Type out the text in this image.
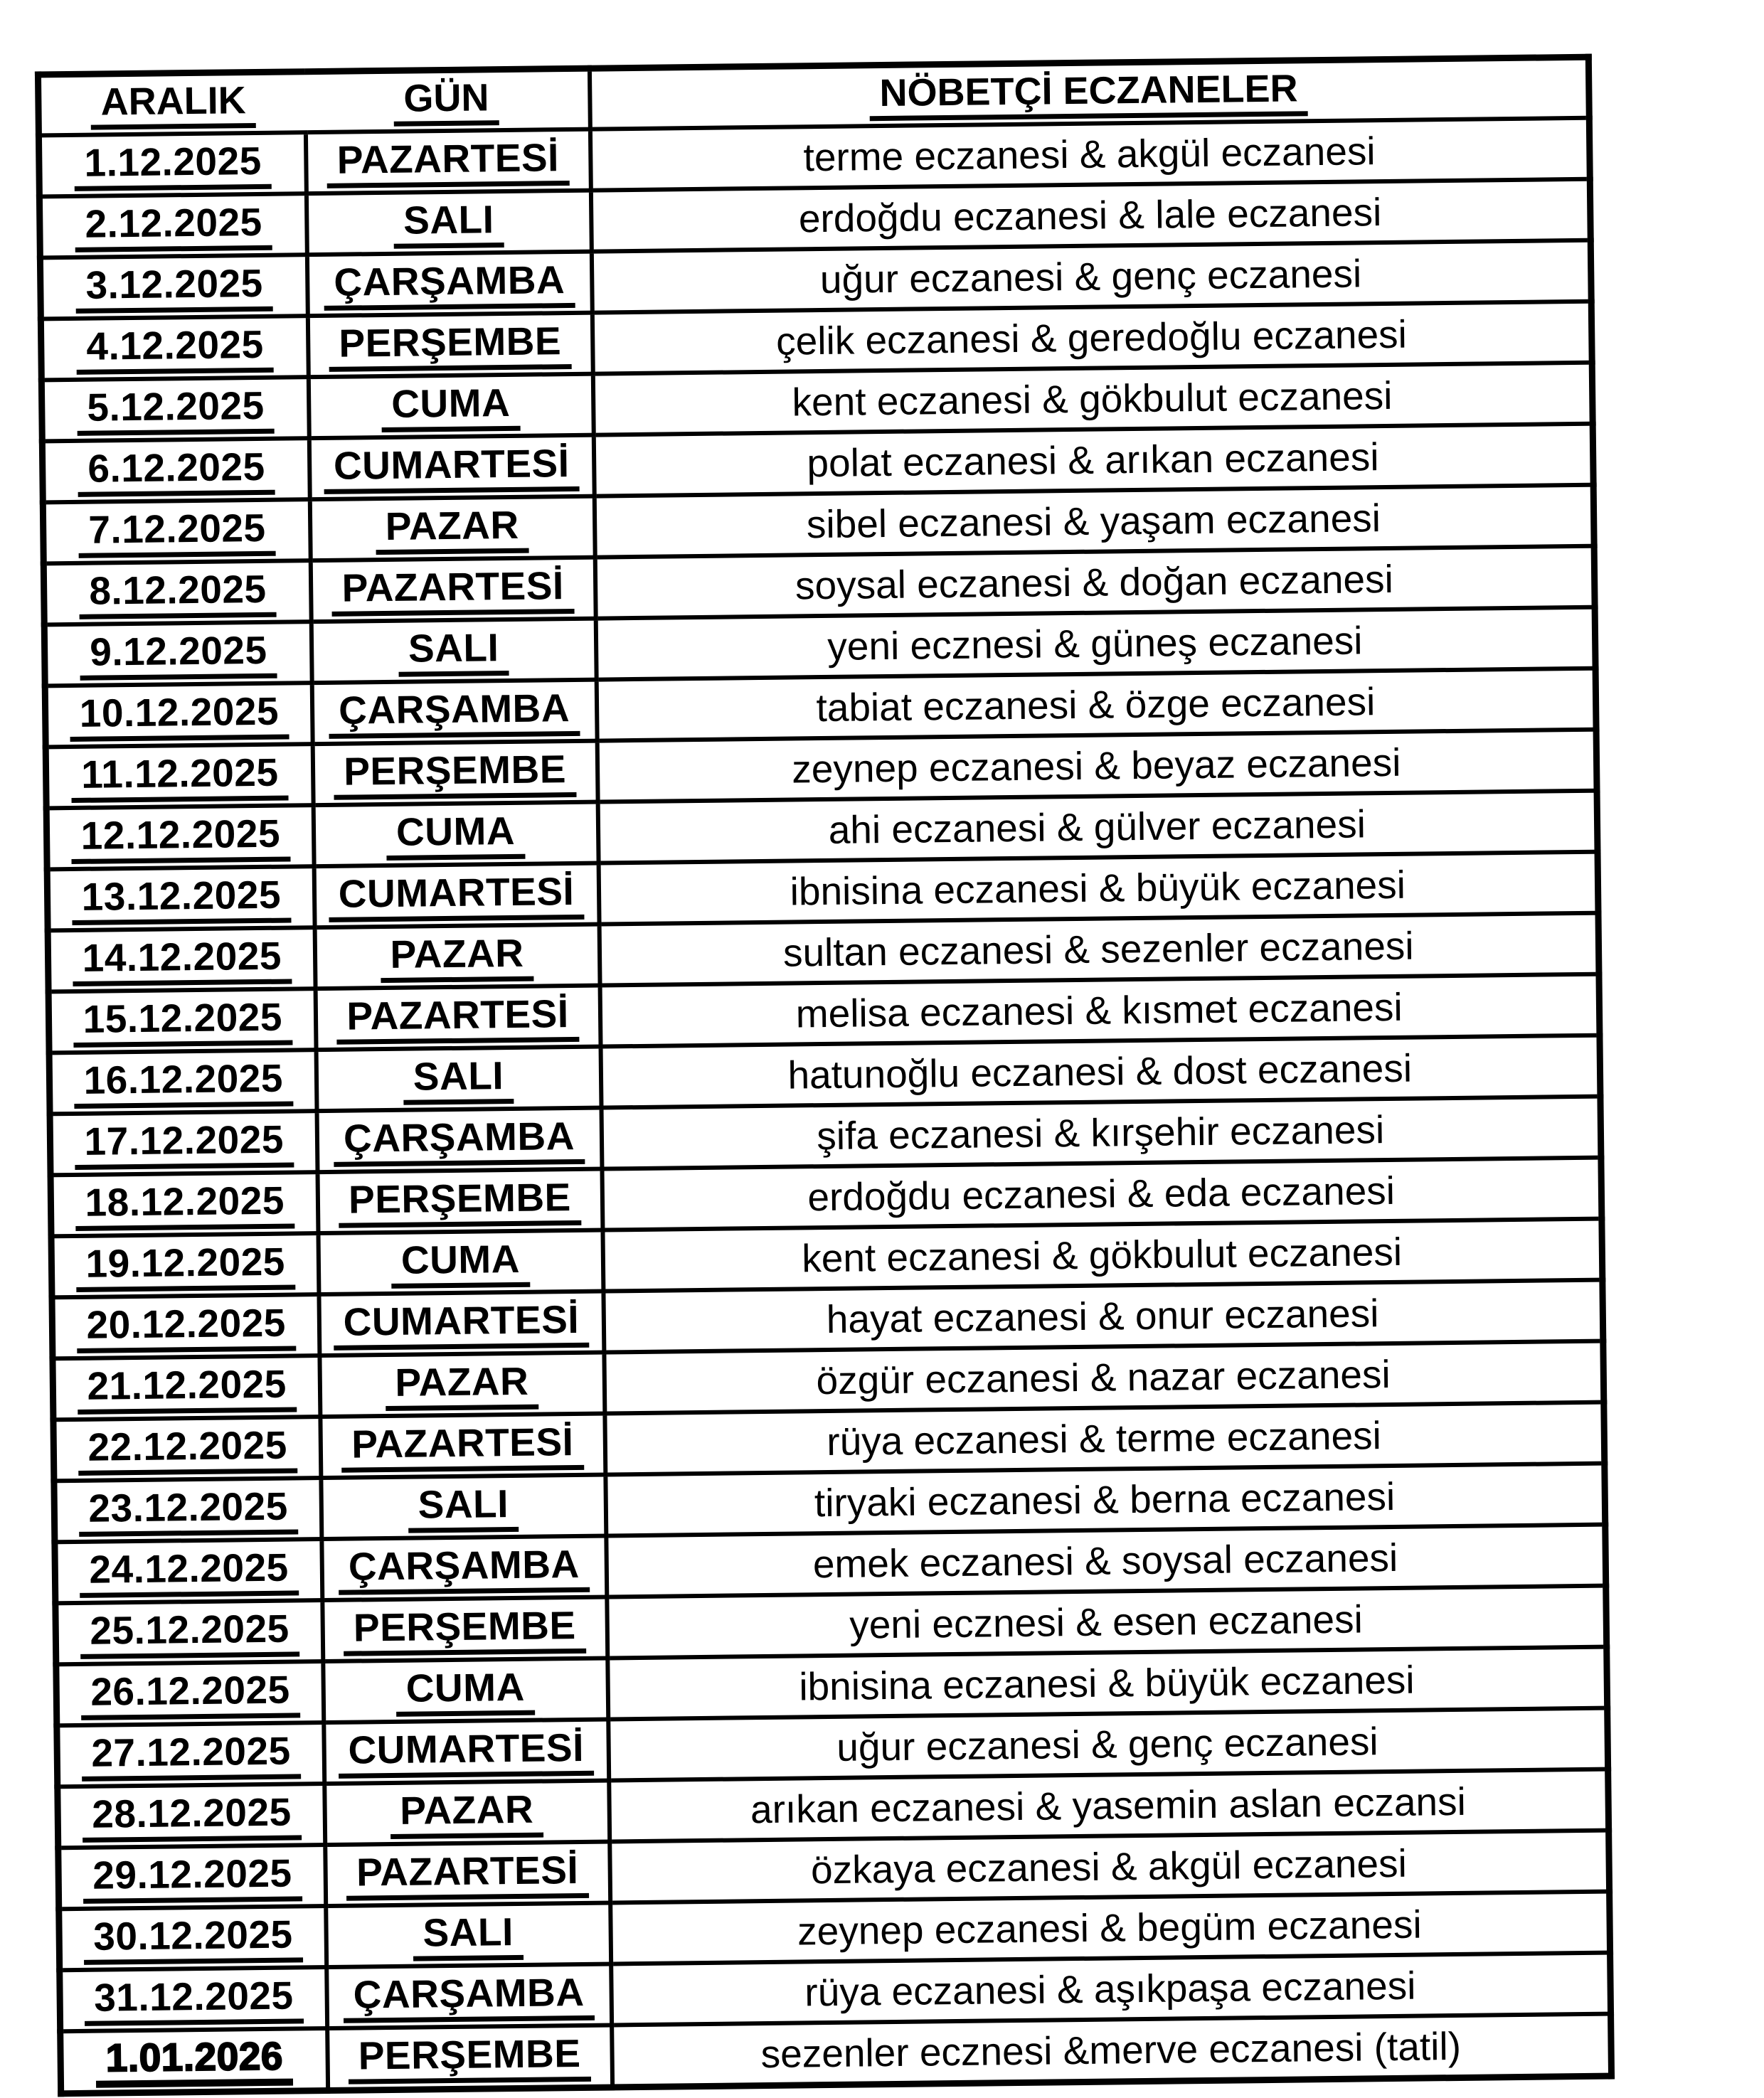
ARALIK	GÜN	NÖBETÇİ ECZANELER
1.12.2025	PAZARTESİ	terme eczanesi & akgül eczanesi
2.12.2025	SALI	erdoğdu eczanesi & lale eczanesi
3.12.2025	ÇARŞAMBA	uğur eczanesi & genç eczanesi
4.12.2025	PERŞEMBE	çelik eczanesi & geredoğlu eczanesi
5.12.2025	CUMA	kent eczanesi & gökbulut eczanesi
6.12.2025	CUMARTESİ	polat eczanesi & arıkan eczanesi
7.12.2025	PAZAR	sibel eczanesi & yaşam eczanesi
8.12.2025	PAZARTESİ	soysal eczanesi & doğan eczanesi
9.12.2025	SALI	yeni ecznesi & güneş eczanesi
10.12.2025	ÇARŞAMBA	tabiat eczanesi & özge eczanesi
11.12.2025	PERŞEMBE	zeynep eczanesi & beyaz eczanesi
12.12.2025	CUMA	ahi eczanesi & gülver eczanesi
13.12.2025	CUMARTESİ	ibnisina eczanesi & büyük eczanesi
14.12.2025	PAZAR	sultan eczanesi & sezenler eczanesi
15.12.2025	PAZARTESİ	melisa eczanesi & kısmet eczanesi
16.12.2025	SALI	hatunoğlu eczanesi & dost eczanesi
17.12.2025	ÇARŞAMBA	şifa eczanesi & kırşehir eczanesi
18.12.2025	PERŞEMBE	erdoğdu eczanesi & eda eczanesi
19.12.2025	CUMA	kent eczanesi & gökbulut eczanesi
20.12.2025	CUMARTESİ	hayat eczanesi & onur eczanesi
21.12.2025	PAZAR	özgür eczanesi & nazar eczanesi
22.12.2025	PAZARTESİ	rüya eczanesi & terme eczanesi
23.12.2025	SALI	tiryaki eczanesi & berna eczanesi
24.12.2025	ÇARŞAMBA	emek eczanesi & soysal eczanesi
25.12.2025	PERŞEMBE	yeni ecznesi & esen eczanesi
26.12.2025	CUMA	ibnisina eczanesi & büyük eczanesi
27.12.2025	CUMARTESİ	uğur eczanesi & genç eczanesi
28.12.2025	PAZAR	arıkan eczanesi & yasemin aslan eczansi
29.12.2025	PAZARTESİ	özkaya eczanesi & akgül eczanesi
30.12.2025	SALI	zeynep eczanesi & begüm eczanesi
31.12.2025	ÇARŞAMBA	rüya eczanesi & aşıkpaşa eczanesi
1.01.2026	PERŞEMBE	sezenler ecznesi &merve eczanesi (tatil)
